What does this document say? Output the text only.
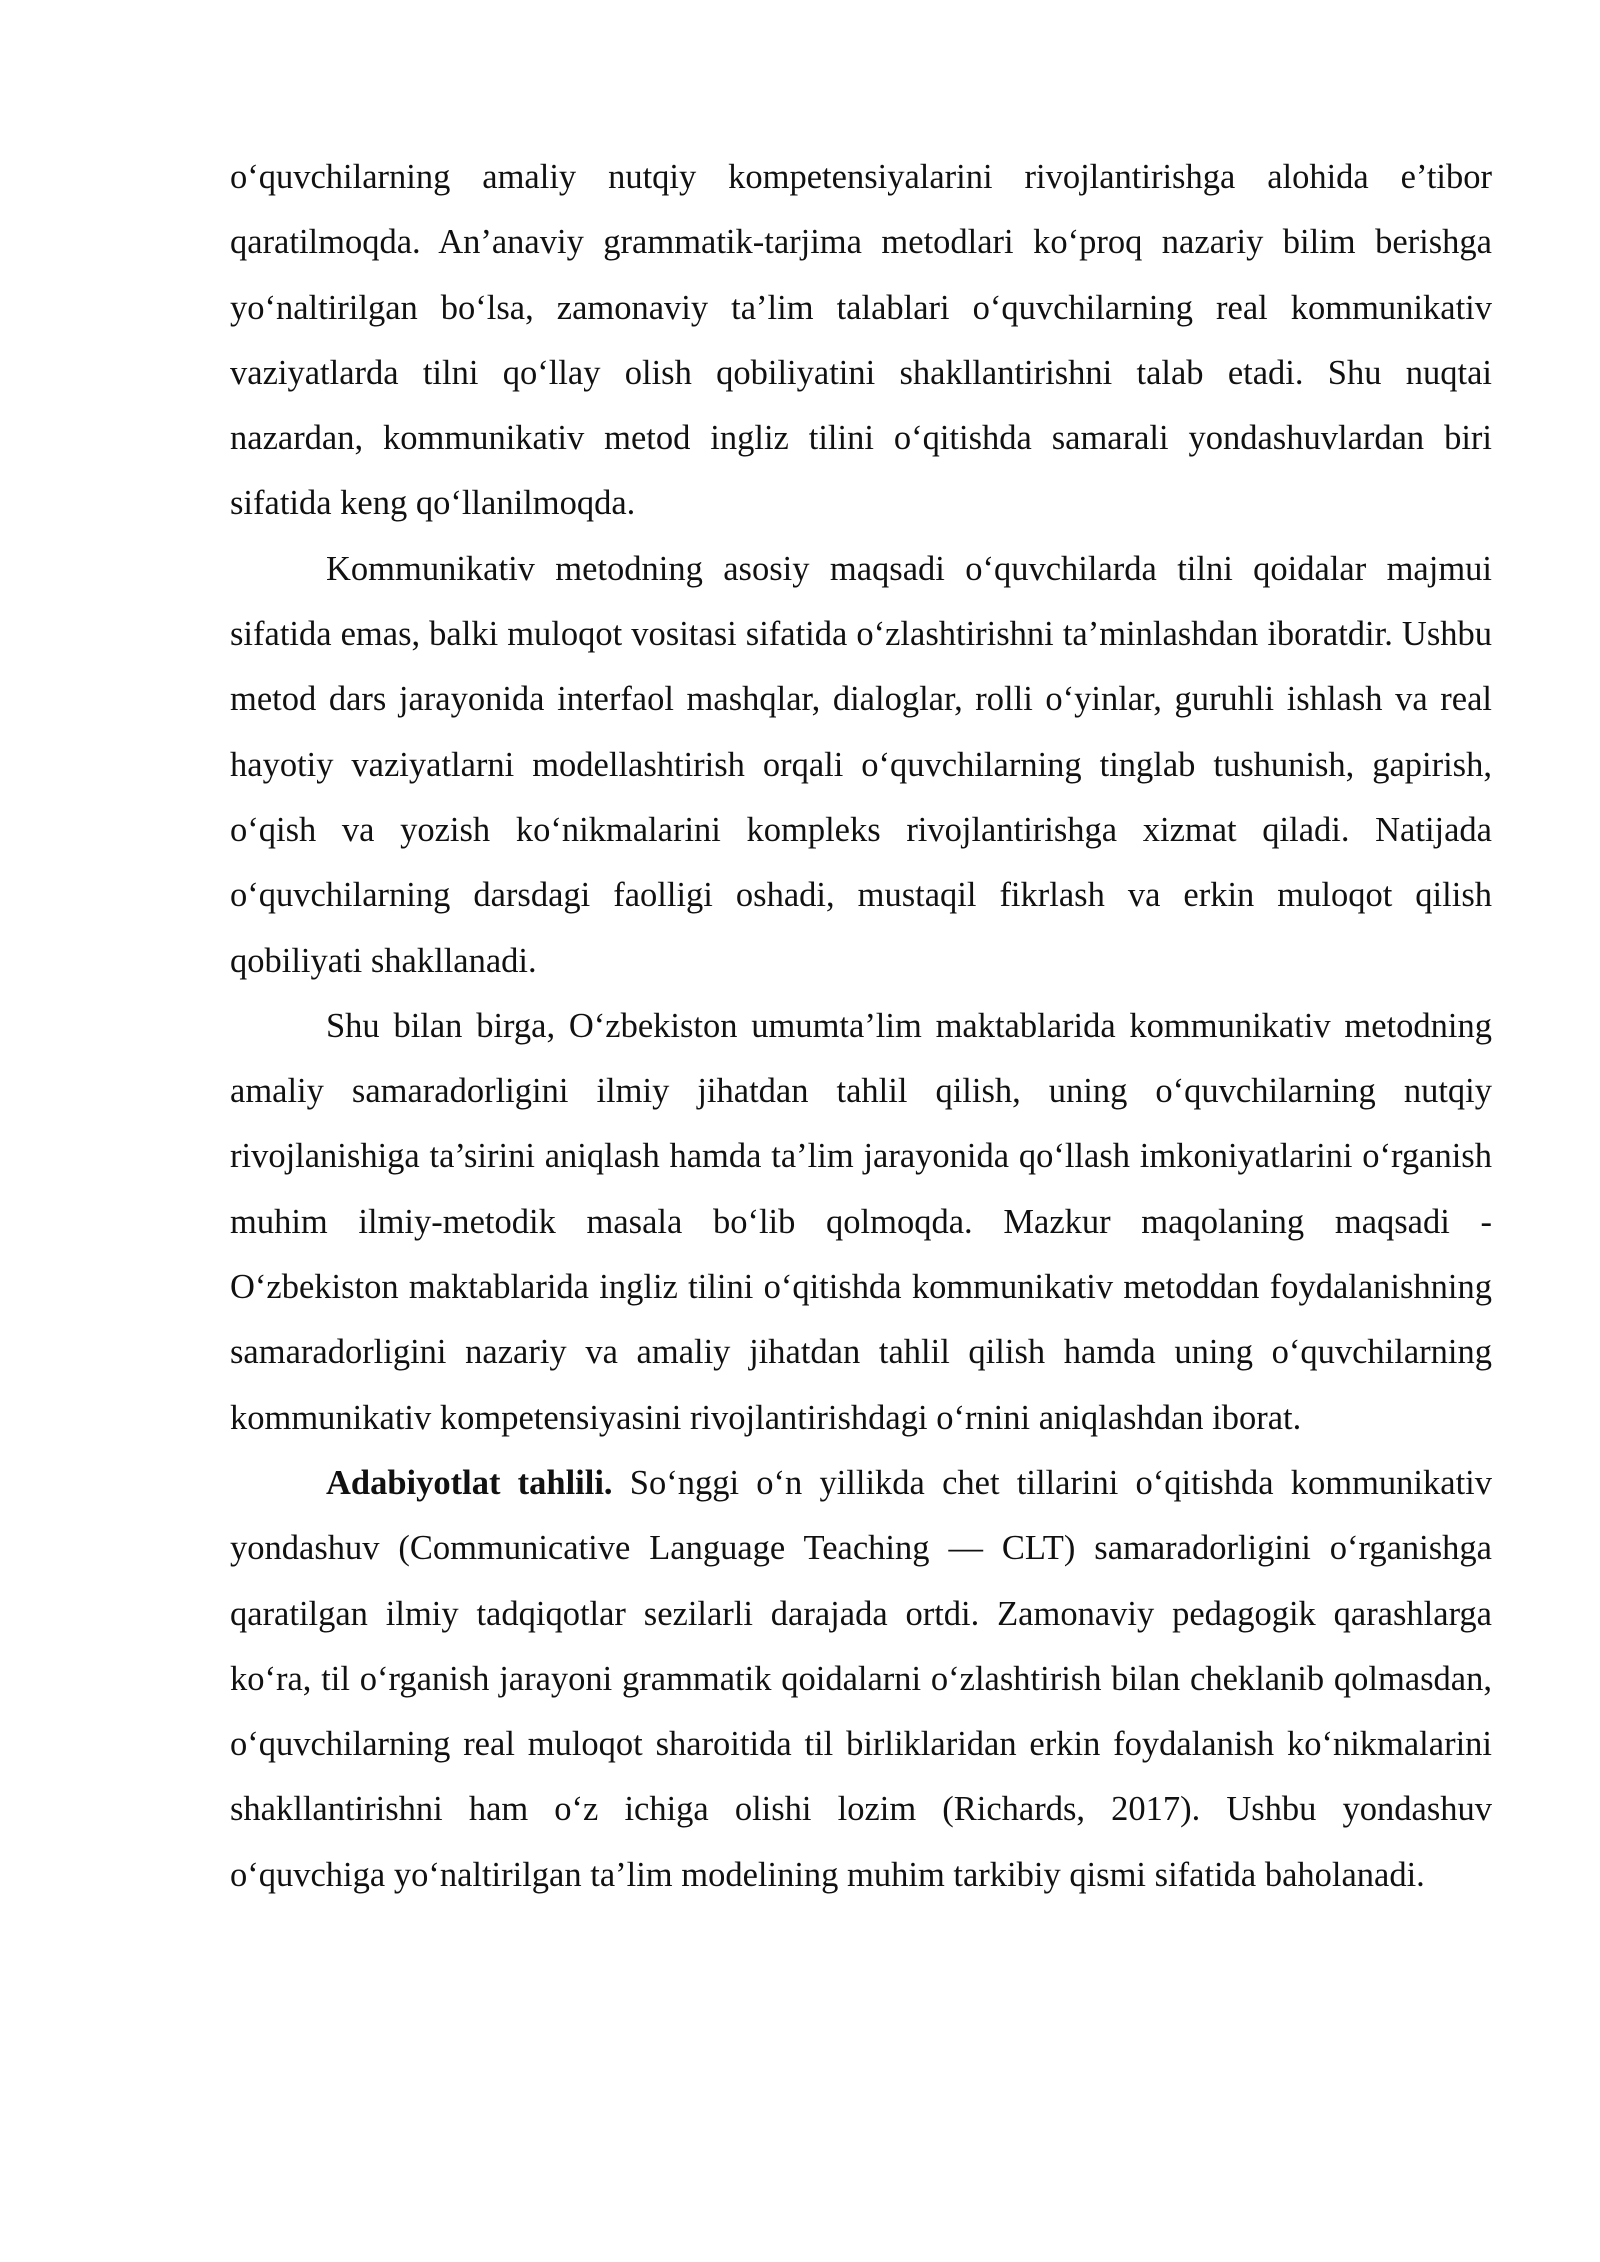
o‘quvchilarning amaliy nutqiy kompetensiyalarini rivojlantirishga alohida e’tibor qaratilmoqda. An’anaviy grammatik-tarjima metodlari ko‘proq nazariy bilim berishga yo‘naltirilgan bo‘lsa, zamonaviy ta’lim talablari o‘quvchilarning real kommunikativ vaziyatlarda tilni qo‘llay olish qobiliyatini shakllantirishni talab etadi. Shu nuqtai nazardan, kommunikativ metod ingliz tilini o‘qitishda samarali yondashuvlardan biri sifatida keng qo‘llanilmoqda.

Kommunikativ metodning asosiy maqsadi o‘quvchilarda tilni qoidalar majmui sifatida emas, balki muloqot vositasi sifatida o‘zlashtirishni ta’minlashdan iboratdir. Ushbu metod dars jarayonida interfaol mashqlar, dialoglar, rolli o‘yinlar, guruhli ishlash va real hayotiy vaziyatlarni modellashtirish orqali o‘quvchilarning tinglab tushunish, gapirish, o‘qish va yozish ko‘nikmalarini kompleks rivojlantirishga xizmat qiladi. Natijada o‘quvchilarning darsdagi faolligi oshadi, mustaqil fikrlash va erkin muloqot qilish qobiliyati shakllanadi.

Shu bilan birga, O‘zbekiston umumta’lim maktablarida kommunikativ metodning amaliy samaradorligini ilmiy jihatdan tahlil qilish, uning o‘quvchilarning nutqiy rivojlanishiga ta’sirini aniqlash hamda ta’lim jarayonida qo‘llash imkoniyatlarini o‘rganish muhim ilmiy-metodik masala bo‘lib qolmoqda. Mazkur maqolaning maqsadi - O‘zbekiston maktablarida ingliz tilini o‘qitishda kommunikativ metoddan foydalanishning samaradorligini nazariy va amaliy jihatdan tahlil qilish hamda uning o‘quvchilarning kommunikativ kompetensiyasini rivojlantirishdagi o‘rnini aniqlashdan iborat.

Adabiyotlat tahlili. So‘nggi o‘n yillikda chet tillarini o‘qitishda kommunikativ yondashuv (Communicative Language Teaching — CLT) samaradorligini o‘rganishga qaratilgan ilmiy tadqiqotlar sezilarli darajada ortdi. Zamonaviy pedagogik qarashlarga ko‘ra, til o‘rganish jarayoni grammatik qoidalarni o‘zlashtirish bilan cheklanib qolmasdan, o‘quvchilarning real muloqot sharoitida til birliklaridan erkin foydalanish ko‘nikmalarini shakllantirishni ham o‘z ichiga olishi lozim (Richards, 2017). Ushbu yondashuv o‘quvchiga yo‘naltirilgan ta’lim modelining muhim tarkibiy qismi sifatida baholanadi.
